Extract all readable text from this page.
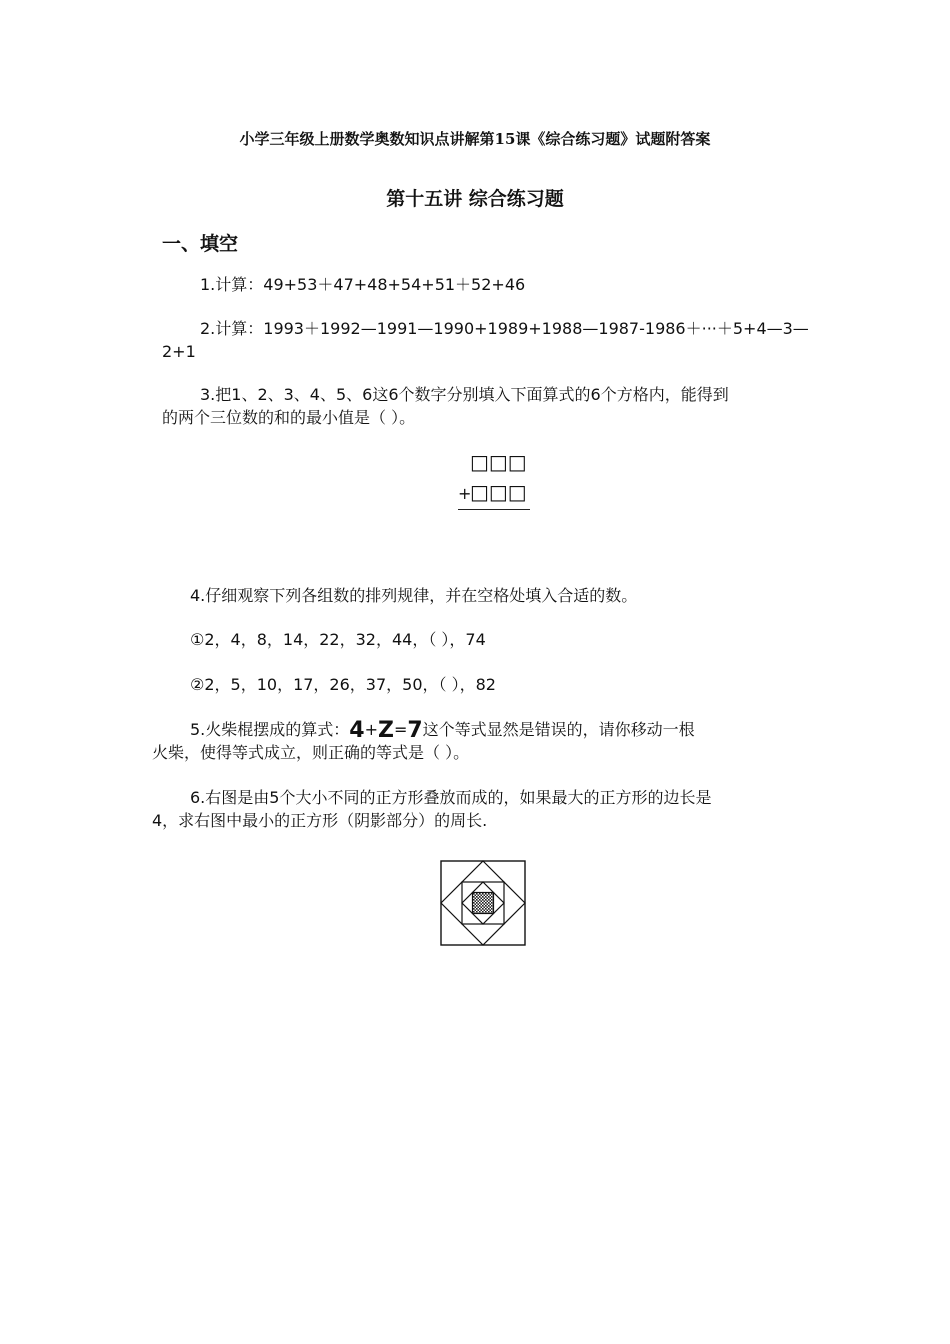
小学三年级上册数学奥数知识点讲解第15课《综合练习题》试题附答案
第十五讲 综合练习题
一、填空
1.计算：49+53＋47+48+54+51＋52+46
2.计算：1993＋1992—1991—1990+1989+1988—1987-1986＋···＋5+4—3—
2+1
3.把1、2、3、4、5、6这6个数字分别填入下面算式的6个方格内，能得到
的两个三位数的和的最小值是（ ）。
□□□
+
□□□
4.仔细观察下列各组数的排列规律，并在空格处填入合适的数。
①2，4，8，14，22，32，44，（ ），74
②2，5，10，17，26，37，50，（ ），82
5.火柴棍摆成的算式：4+Z=7这个等式显然是错误的，请你移动一根
火柴，使得等式成立，则正确的等式是（ ）。
6.右图是由5个大小不同的正方形叠放而成的，如果最大的正方形的边长是
4，求右图中最小的正方形（阴影部分）的周长.
